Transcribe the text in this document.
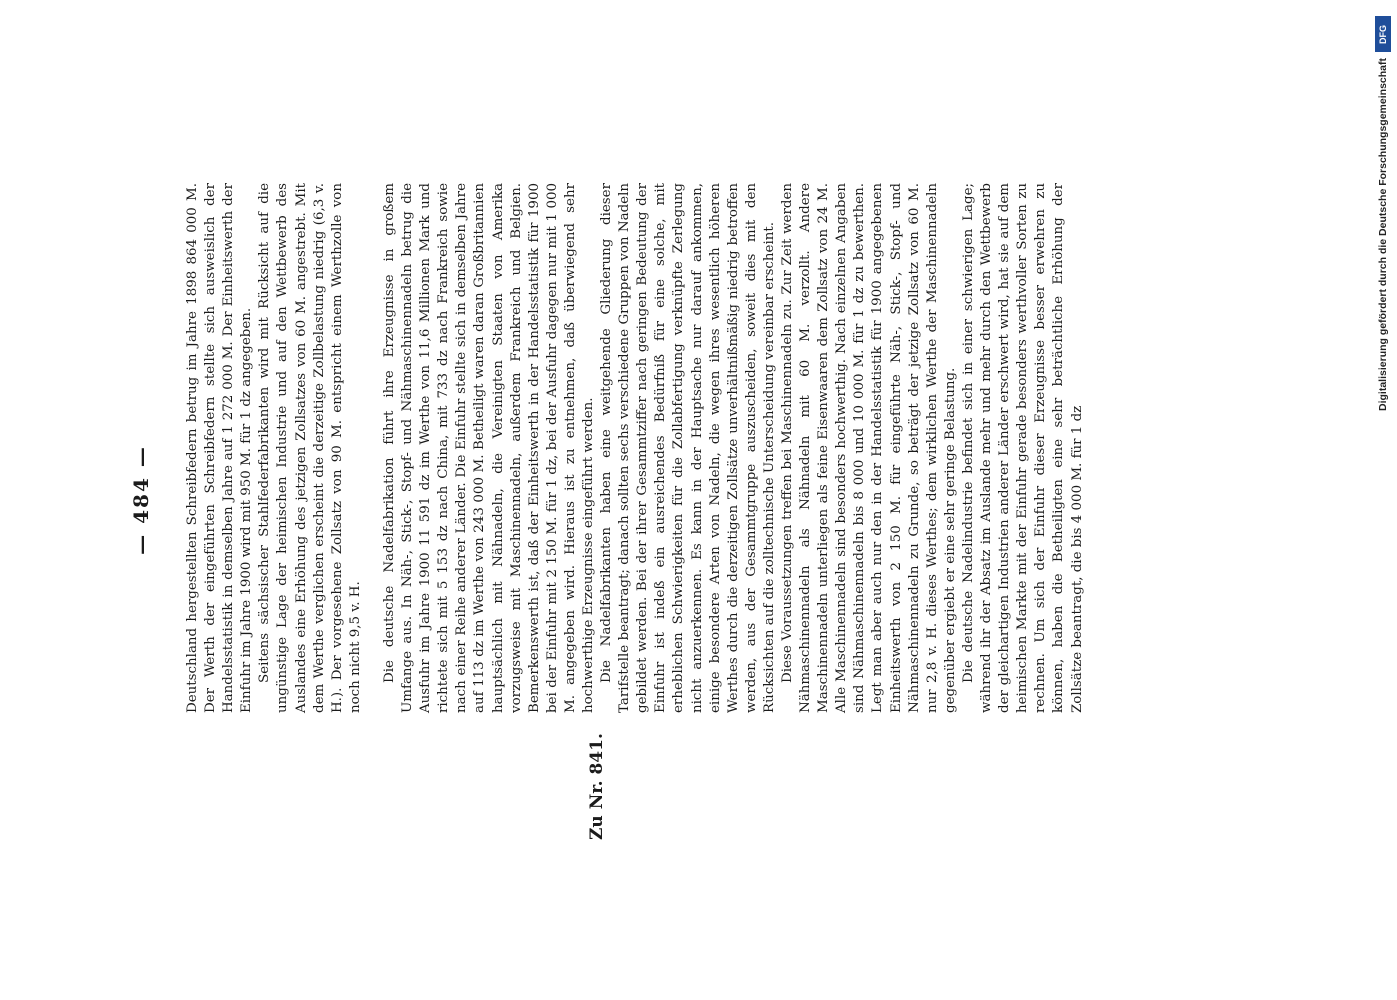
— 484 —
Zu Nr. 841.

Deutschland hergestellten Schreibfedern betrug im Jahre 1898 864 000 M. Der Werth der eingeführten Schreibfedern stellte sich ausweislich der Handelsstatistik in demselben Jahre auf 1 272 000 M. Der Einheitswerth der Einfuhr im Jahre 1900 wird mit 950 M. für 1 dz angegeben. Seitens sächsischer Stahlfederfabrikanten wird mit Rücksicht auf die ungünstige Lage der heimischen Industrie und auf den Wettbewerb des Auslandes eine Erhöhung des jetzigen Zollsatzes von 60 M. angestrebt. Mit dem Werthe verglichen erscheint die derzeitige Zollbelastung niedrig (6,3 v. H.). Der vorgesehene Zollsatz von 90 M. entspricht einem Werthzolle von noch nicht 9,5 v. H. Die deutsche Nadelfabrikation führt ihre Erzeugnisse in großem Umfange aus. In Näh-, Stick-, Stopf- und Nähmaschinennadeln betrug die Ausfuhr im Jahre 1900 11 591 dz im Werthe von 11,6 Millionen Mark und richtete sich mit 5 153 dz nach China, mit 733 dz nach Frankreich sowie nach einer Reihe anderer Länder. Die Einfuhr stellte sich in demselben Jahre auf 113 dz im Werthe von 243 000 M. Betheiligt waren daran Großbritannien hauptsächlich mit Nähnadeln, die Vereinigten Staaten von Amerika vorzugsweise mit Maschinennadeln, außerdem Frankreich und Belgien. Bemerkenswerth ist, daß der Einheitswerth in der Handelsstatistik für 1900 bei der Einfuhr mit 2 150 M. für 1 dz, bei der Ausfuhr dagegen nur mit 1 000 M. angegeben wird. Hieraus ist zu entnehmen, daß überwiegend sehr hochwerthige Erzeugnisse eingeführt werden. Die Nadelfabrikanten haben eine weitgehende Gliederung dieser Tarifstelle beantragt; danach sollten sechs verschiedene Gruppen von Nadeln gebildet werden. Bei der ihrer Gesammtziffer nach geringen Bedeutung der Einfuhr ist indeß ein ausreichendes Bedürfniß für eine solche, mit erheblichen Schwierigkeiten für die Zollabfertigung verknüpfte Zerlegung nicht anzuerkennen. Es kann in der Hauptsache nur darauf ankommen, einige besondere Arten von Nadeln, die wegen ihres wesentlich höheren Werthes durch die derzeitigen Zollsätze unverhältnißmäßig niedrig betroffen werden, aus der Gesammtgruppe auszuscheiden, soweit dies mit den Rücksichten auf die zolltechnische Unterscheidung vereinbar erscheint. Diese Voraussetzungen treffen bei Maschinennadeln zu. Zur Zeit werden Nähmaschinennadeln als Nähnadeln mit 60 M. verzollt. Andere Maschinennadeln unterliegen als feine Eisenwaaren dem Zollsatz von 24 M. Alle Maschinennadeln sind besonders hochwerthig. Nach einzelnen Angaben sind Nähmaschinennadeln bis 8 000 und 10 000 M. für 1 dz zu bewerthen. Legt man aber auch nur den in der Handelsstatistik für 1900 angegebenen Einheitswerth von 2 150 M. für eingeführte Näh-, Stick-, Stopf- und Nähmaschinennadeln zu Grunde, so beträgt der jetzige Zollsatz von 60 M. nur 2,8 v. H. dieses Werthes; dem wirklichen Werthe der Maschinennadeln gegenüber ergiebt er eine sehr geringe Belastung. Die deutsche Nadelindustrie befindet sich in einer schwierigen Lage; während ihr der Absatz im Auslande mehr und mehr durch den Wettbewerb der gleichartigen Industrien anderer Länder erschwert wird, hat sie auf dem heimischen Markte mit der Einfuhr gerade besonders werthvoller Sorten zu rechnen. Um sich der Einfuhr dieser Erzeugnisse besser erwehren zu können, haben die Betheiligten eine sehr beträchtliche Erhöhung der Zollsätze beantragt, die bis 4 000 M. für 1 dz

DFG
Digitalisierung gefördert durch die Deutsche Forschungsgemeinschaft
